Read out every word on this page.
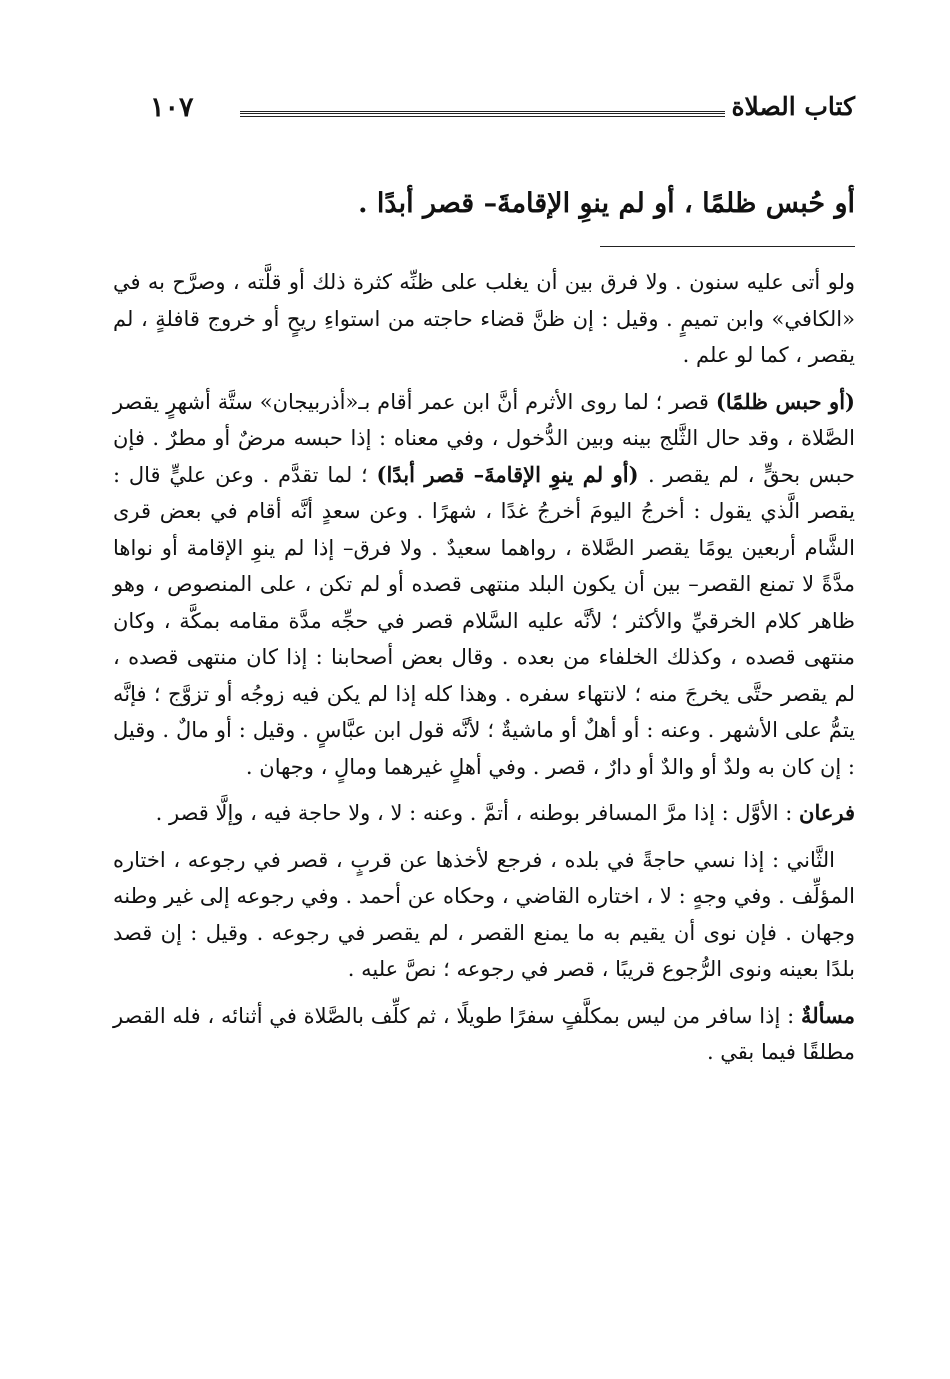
كتاب الصلاة
١٠٧
أو حُبس ظلمًا ، أو لم ينوِ الإقامةَ– قصر أبدًا .

ولو أتى عليه سنون . ولا فرق بين أن يغلب على ظنِّه كثرة ذلك أو قلَّته ، وصرَّح به في «الكافي» وابن تميمٍ . وقيل : إن ظنَّ قضاء حاجته من استواءِ ريحٍ أو خروج قافلةٍ ، لم يقصر ، كما لو علم .

(أو حبس ظلمًا) قصر ؛ لما روى الأثرم أنَّ ابن عمر أقام بـ«أذربيجان» ستَّة أشهرٍ يقصر الصَّلاة ، وقد حال الثَّلج بينه وبين الدُّخول ، وفي معناه : إذا حبسه مرضٌ أو مطرٌ . فإن حبس بحقٍّ ، لم يقصر . (أو لم ينوِ الإقامةَ– قصر أبدًا) ؛ لما تقدَّم . وعن عليٍّ قال : يقصر الَّذي يقول : أخرجُ اليومَ أخرجُ غدًا ، شهرًا . وعن سعدٍ أنَّه أقام في بعض قرى الشَّام أربعين يومًا يقصر الصَّلاة ، رواهما سعيدٌ . ولا فرق– إذا لم ينوِ الإقامة أو نواها مدَّةً لا تمنع القصر– بين أن يكون البلد منتهى قصده أو لم تكن ، على المنصوص ، وهو ظاهر كلام الخرقيِّ والأكثر ؛ لأنَّه عليه السَّلام قصر في حجِّه مدَّة مقامه بمكَّة ، وكان منتهى قصده ، وكذلك الخلفاء من بعده . وقال بعض أصحابنا : إذا كان منتهى قصده ، لم يقصر حتَّى يخرجَ منه ؛ لانتهاء سفره . وهذا كله إذا لم يكن فيه زوجُه أو تزوَّج ؛ فإنَّه يتمُّ على الأشهر . وعنه : أو أهلٌ أو ماشيةٌ ؛ لأنَّه قول ابن عبَّاسٍ . وقيل : أو مالٌ . وقيل : إن كان به ولدٌ أو والدٌ أو دارٌ ، قصر . وفي أهلٍ غيرهما ومالٍ ، وجهان .

فرعان : الأوَّل : إذا مرَّ المسافر بوطنه ، أتمَّ . وعنه : لا ، ولا حاجة فيه ، وإلَّا قصر .

الثَّاني : إذا نسي حاجةً في بلده ، فرجع لأخذها عن قربٍ ، قصر في رجوعه ، اختاره المؤلِّف . وفي وجهٍ : لا ، اختاره القاضي ، وحكاه عن أحمد . وفي رجوعه إلى غير وطنه وجهان . فإن نوى أن يقيم به ما يمنع القصر ، لم يقصر في رجوعه . وقيل : إن قصد بلدًا بعينه ونوى الرُّجوع قريبًا ، قصر في رجوعه ؛ نصَّ عليه .

مسألةٌ : إذا سافر من ليس بمكلَّفٍ سفرًا طويلًا ، ثم كلِّف بالصَّلاة في أثنائه ، فله القصر مطلقًا فيما بقي .
